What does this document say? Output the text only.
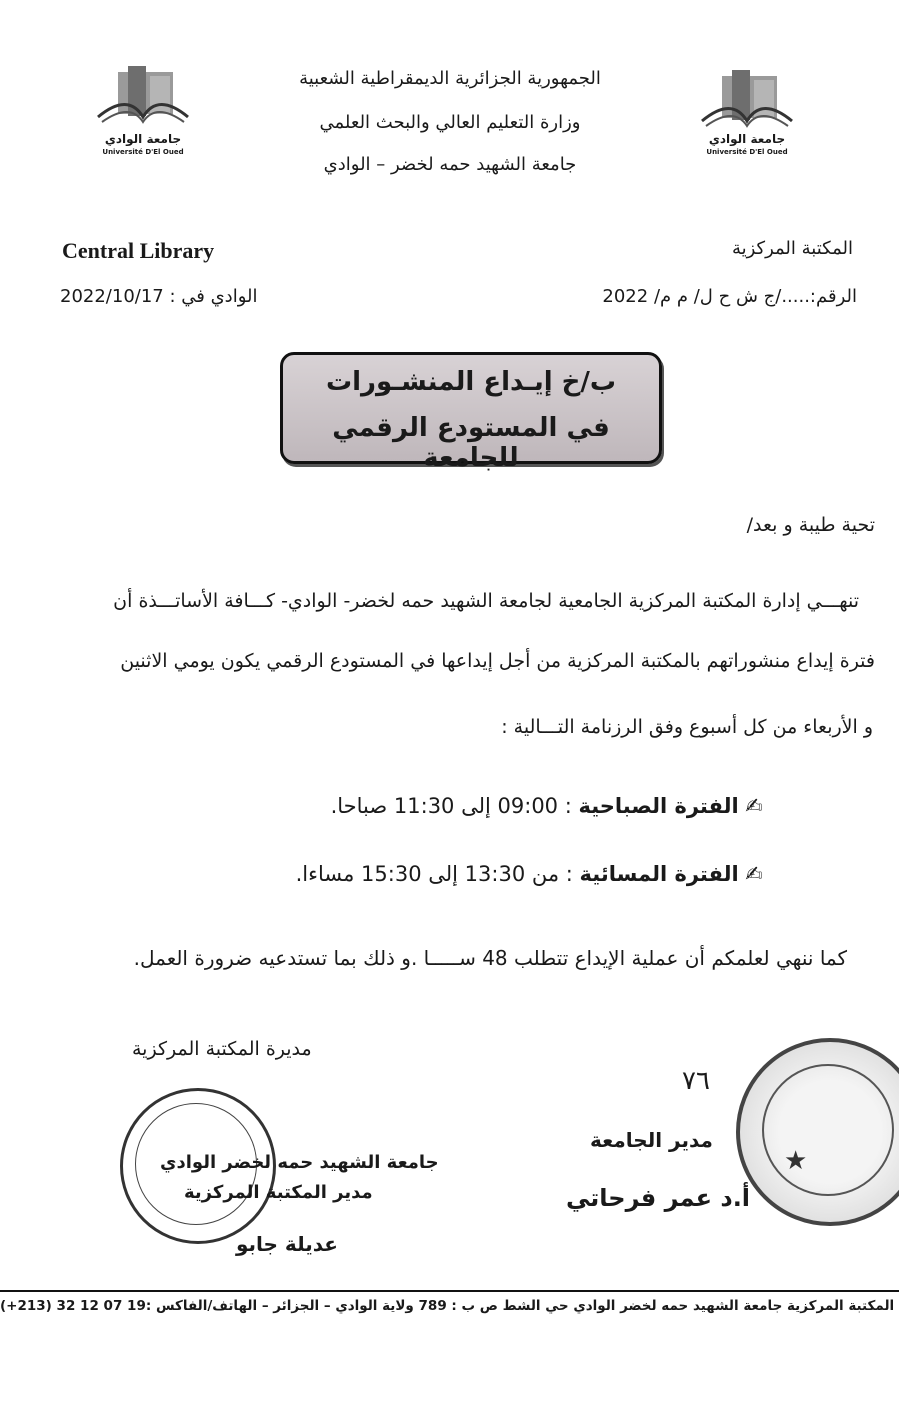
جامعة الوادي
Université D'El Oued
جامعة الوادي
Université D'El Oued
الجمهورية الجزائرية الديمقراطية الشعبية
وزارة التعليم العالي والبحث العلمي
جامعة الشهيد حمه لخضر – الوادي
المكتبة المركزية
Central Library
الرقم:...../ج ش ح ل/ م م/ 2022
الوادي في : 2022/10/17
ب/خ إيـداع المنشـورات
في المستودع الرقمي للجامعة
تحية طيبة و بعد/
تنهـــي إدارة المكتبة المركزية الجامعية لجامعة الشهيد حمه لخضر- الوادي- كـــافة الأساتـــذة أن
فترة إيداع منشوراتهم بالمكتبة المركزية من أجل إيداعها في المستودع الرقمي يكون يومي الاثنين
و الأربعاء من كل أسبوع وفق الرزنامة التـــالية :
✍ الفترة الصباحية : 09:00 إلى 11:30 صباحا.
✍ الفترة المسائية : من 13:30 إلى 15:30 مساءا.
كما ننهي لعلمكم أن عملية الإيداع تتطلب 48 ســـــا .و ذلك بما تستدعيه ضرورة العمل.
مديرة المكتبة المركزية
جامعة الشهيد حمه لخضر الوادي
مدير المكتبة المركزية
عديلة جابو
★
٧٦
مدير الجامعة
أ.د عمر فرحاتي
المكتبة المركزية جامعة الشهيد حمه لخضر الوادي حي الشط ص ب : 789 ولاية الوادي – الجزائر – الهاتف/الفاكس :19 07 12 32 (213+)
